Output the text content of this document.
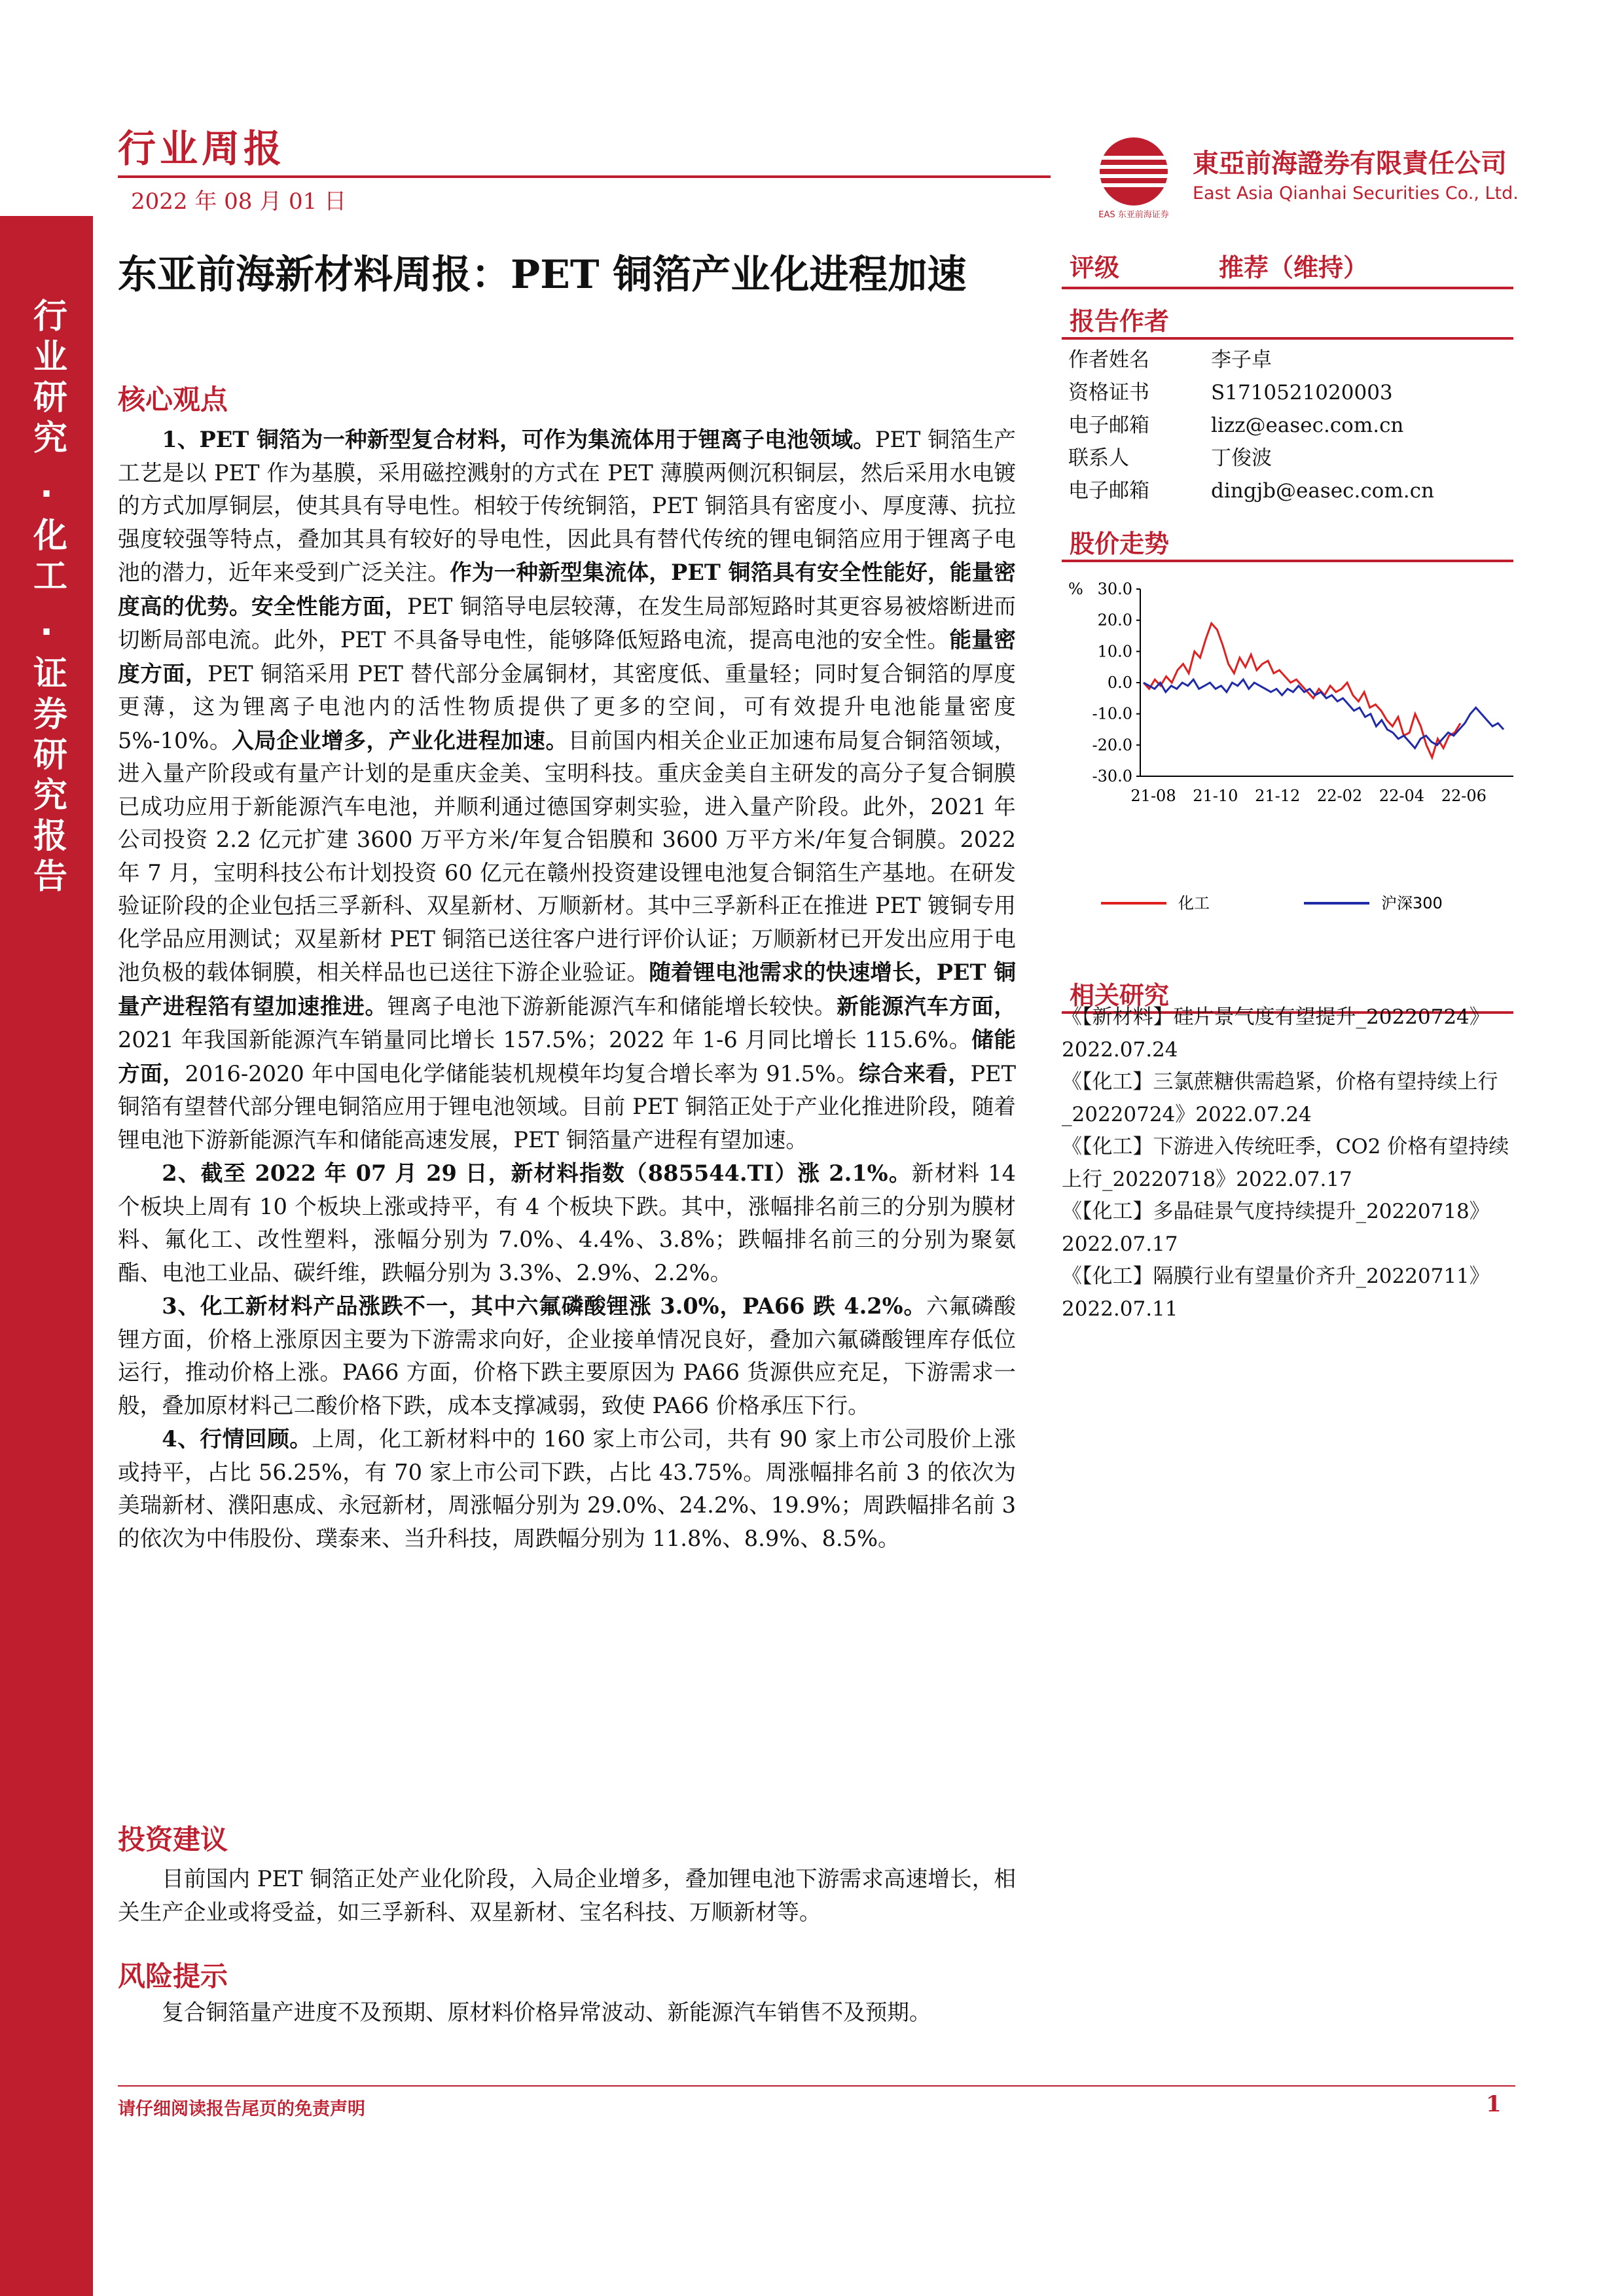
行业研究
·
化工
·
证券研究报告
行业周报
2022 年 08 月 01 日
EAS 东亚前海证券
東亞前海證券有限責任公司
East Asia Qianhai Securities Co., Ltd.
东亚前海新材料周报：PET 铜箔产业化进程加速
核心观点

1、PET 铜箔为一种新型复合材料，可作为集流体用于锂离子电池领域。PET 铜箔生产工艺是以 PET 作为基膜，采用磁控溅射的方式在 PET 薄膜两侧沉积铜层，然后采用水电镀的方式加厚铜层，使其具有导电性。相较于传统铜箔，PET 铜箔具有密度小、厚度薄、抗拉强度较强等特点，叠加其具有较好的导电性，因此具有替代传统的锂电铜箔应用于锂离子电池的潜力，近年来受到广泛关注。作为一种新型集流体，PET 铜箔具有安全性能好，能量密度高的优势。安全性能方面，PET 铜箔导电层较薄，在发生局部短路时其更容易被熔断进而切断局部电流。此外，PET 不具备导电性，能够降低短路电流，提高电池的安全性。能量密度方面，PET 铜箔采用 PET 替代部分金属铜材，其密度低、重量轻；同时复合铜箔的厚度更薄，这为锂离子电池内的活性物质提供了更多的空间，可有效提升电池能量密度 5%-10%。入局企业增多，产业化进程加速。目前国内相关企业正加速布局复合铜箔领域，进入量产阶段或有量产计划的是重庆金美、宝明科技。重庆金美自主研发的高分子复合铜膜已成功应用于新能源汽车电池，并顺利通过德国穿刺实验，进入量产阶段。此外，2021 年公司投资 2.2 亿元扩建 3600 万平方米/年复合铝膜和 3600 万平方米/年复合铜膜。2022 年 7 月，宝明科技公布计划投资 60 亿元在赣州投资建设锂电池复合铜箔生产基地。在研发验证阶段的企业包括三孚新科、双星新材、万顺新材。其中三孚新科正在推进 PET 镀铜专用化学品应用测试；双星新材 PET 铜箔已送往客户进行评价认证；万顺新材已开发出应用于电池负极的载体铜膜，相关样品也已送往下游企业验证。随着锂电池需求的快速增长，PET 铜量产进程箔有望加速推进。锂离子电池下游新能源汽车和储能增长较快。新能源汽车方面，2021 年我国新能源汽车销量同比增长 157.5%；2022 年 1-6 月同比增长 115.6%。储能方面，2016-2020 年中国电化学储能装机规模年均复合增长率为 91.5%。综合来看，PET 铜箔有望替代部分锂电铜箔应用于锂电池领域。目前 PET 铜箔正处于产业化推进阶段，随着锂电池下游新能源汽车和储能高速发展，PET 铜箔量产进程有望加速。

2、截至 2022 年 07 月 29 日，新材料指数（885544.TI）涨 2.1%。新材料 14 个板块上周有 10 个板块上涨或持平，有 4 个板块下跌。其中，涨幅排名前三的分别为膜材料、氟化工、改性塑料，涨幅分别为 7.0%、4.4%、3.8%；跌幅排名前三的分别为聚氨酯、电池工业品、碳纤维，跌幅分别为 3.3%、2.9%、2.2%。

3、化工新材料产品涨跌不一，其中六氟磷酸锂涨 3.0%，PA66 跌 4.2%。六氟磷酸锂方面，价格上涨原因主要为下游需求向好，企业接单情况良好，叠加六氟磷酸锂库存低位运行，推动价格上涨。PA66 方面，价格下跌主要原因为 PA66 货源供应充足，下游需求一般，叠加原材料己二酸价格下跌，成本支撑减弱，致使 PA66 价格承压下行。

4、行情回顾。上周，化工新材料中的 160 家上市公司，共有 90 家上市公司股价上涨或持平，占比 56.25%，有 70 家上市公司下跌，占比 43.75%。周涨幅排名前 3 的依次为美瑞新材、濮阳惠成、永冠新材，周涨幅分别为 29.0%、24.2%、19.9%；周跌幅排名前 3 的依次为中伟股份、璞泰来、当升科技，周跌幅分别为 11.8%、8.9%、8.5%。

投资建议

目前国内 PET 铜箔正处产业化阶段，入局企业增多，叠加锂电池下游需求高速增长，相关生产企业或将受益，如三孚新科、双星新材、宝名科技、万顺新材等。

风险提示

复合铜箔量产进度不及预期、原材料价格异常波动、新能源汽车销售不及预期。

评级	推荐（维持）
报告作者
作者姓名	李子卓
资格证书	S1710521020003
电子邮箱	lizz@easec.com.cn
联系人	丁俊波
电子邮箱	dingjb@easec.com.cn
股价走势
% 30.0
20.0
10.0
0.0
-10.0
-20.0
-30.0
21-08 21-10 21-12 22-02 22-04 22-06
化工	沪深300
相关研究
《【新材料】硅片景气度有望提升_20220724》2022.07.24
《【化工】三氯蔗糖供需趋紧，价格有望持续上行_20220724》2022.07.24
《【化工】下游进入传统旺季，CO2 价格有望持续上行_20220718》2022.07.17
《【化工】多晶硅景气度持续提升_20220718》2022.07.17
《【化工】隔膜行业有望量价齐升_20220711》2022.07.11
请仔细阅读报告尾页的免责声明	1
